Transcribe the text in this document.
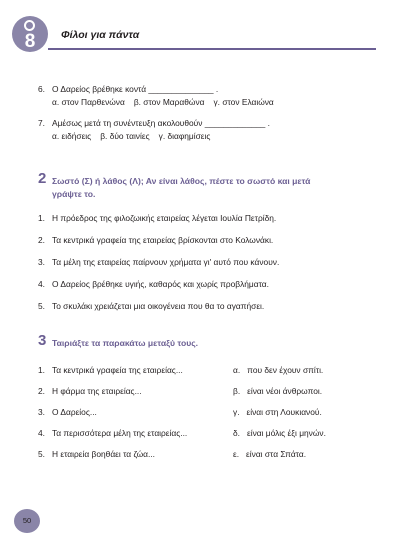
8	Φίλοι για πάντα
6. Ο Δαρείος βρέθηκε κοντά ______________ .
α. στον Παρθενώνα β. στον Μαραθώνα γ. στον Ελαιώνα
7. Αμέσως μετά τη συνέντευξη ακολουθούν _____________ .
α. ειδήσεις β. δύο ταινίες γ. διαφημίσεις
2 Σωστό (Σ) ή λάθος (Λ); Αν είναι λάθος, πέστε το σωστό και μετά
γράψτε το.
1. Η πρόεδρος της φιλοζωικής εταιρείας λέγεται Ιουλία Πετρίδη.
2. Τα κεντρικά γραφεία της εταιρείας βρίσκονται στο Κολωνάκι.
3. Τα μέλη της εταιρείας παίρνουν χρήματα γι' αυτό που κάνουν.
4. Ο Δαρείος βρέθηκε υγιής, καθαρός και χωρίς προβλήματα.
5. Το σκυλάκι χρειάζεται μια οικογένεια που θα το αγαπήσει.
3 Ταιριάξτε τα παρακάτω μεταξύ τους.
1. Τα κεντρικά γραφεία της εταιρείας...	α. που δεν έχουν σπίτι.
2. Η φάρμα της εταιρείας...	β. είναι νέοι άνθρωποι.
3. Ο Δαρείος...	γ. είναι στη Λουκιανού.
4. Τα περισσότερα μέλη της εταιρείας...	δ. είναι μόλις έξι μηνών.
5. Η εταιρεία βοηθάει τα ζώα...	ε. είναι στα Σπάτα.
50
